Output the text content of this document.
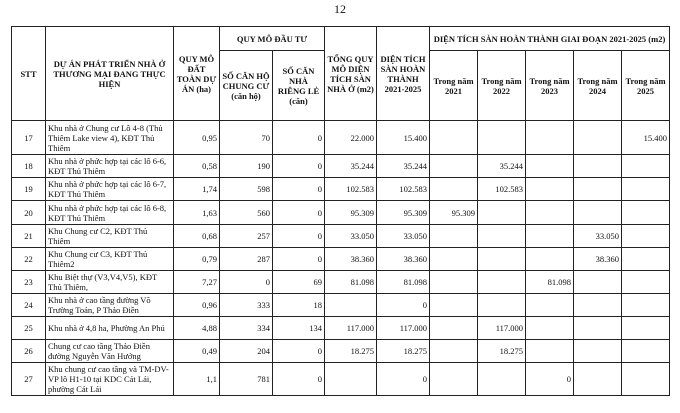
12
STT	DỰ ÁN PHÁT TRIỂN NHÀ Ở THƯƠNG MẠI ĐANG THỰC HIỆN	QUY MÔ ĐẤT TOÀN DỰ ÁN (ha)	QUY MÔ ĐẦU TƯ		TỔNG QUY MÔ DIỆN TÍCH SÀN NHÀ Ở (m2)	DIỆN TÍCH SÀN HOÀN THÀNH 2021-2025	DIỆN TÍCH SÀN HOÀN THÀNH GIAI ĐOẠN 2021-2025 (m2)				
			SỐ CĂN HỘ CHUNG CƯ (căn hộ)	SỐ CĂN NHÀ RIÊNG LẺ (căn)			Trong năm 2021	Trong năm 2022	Trong năm 2023	Trong năm 2024	Trong năm 2025
17	Khu nhà ở Chung cư Lô 4-8 (Thủ Thiêm Lake view 4), KĐT Thủ Thiêm	0,95	70	0	22.000	15.400					15.400
18	Khu nhà ở phức hợp tại các lô 6-6, KĐT Thủ Thiêm	0,58	190	0	35.244	35.244		35.244			
19	Khu nhà ở phức hợp tại các lô 6-7, KĐT Thủ Thiêm	1,74	598	0	102.583	102.583		102.583			
20	Khu nhà ở phức hợp tại các lô 6-8, KĐT Thủ Thiêm	1,63	560	0	95.309	95.309	95.309				
21	Khu Chung cư C2, KĐT Thủ Thiêm	0,68	257	0	33.050	33.050				33.050	
22	Khu Chung cư C3, KĐT Thủ Thiêm2	0,79	287	0	38.360	38.360				38.360	
23	Khu Biệt thự (V3,V4,V5), KĐT Thủ Thiêm,	7,27	0	69	81.098	81.098			81.098		
24	Khu nhà ở cao tầng đường Võ Trường Toản, P Thảo Điền	0,96	333	18		0					
25	Khu nhà ở 4,8 ha, Phường An Phú	4,88	334	134	117.000	117.000		117.000			
26	Chung cư cao tầng Thảo Điền đường Nguyễn Văn Hưởng	0,49	204	0	18.275	18.275		18.275			
27	Khu chung cư cao tầng và TM-DV-VP lô H1-10 tại KDC Cát Lái, phường Cát Lái	1,1	781	0		0			0		
